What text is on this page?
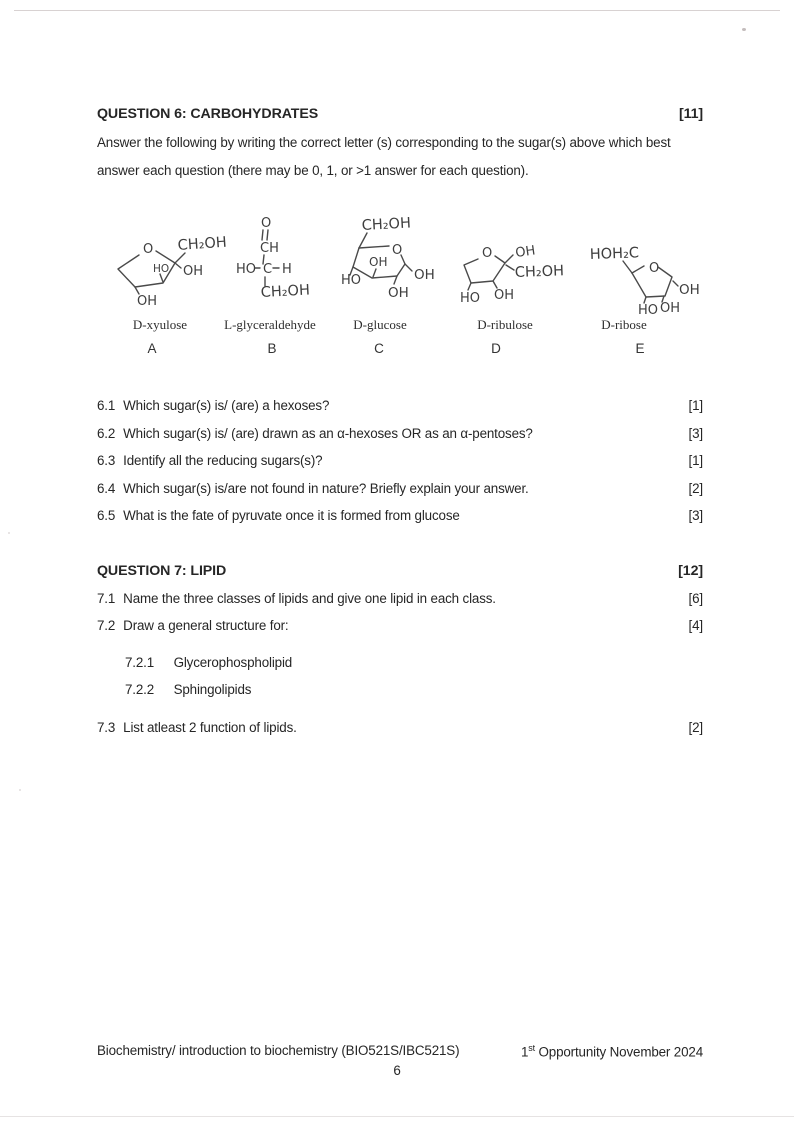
QUESTION 6: CARBOHYDRATES	[11]
Answer the following by writing the correct letter (s) corresponding to the sugar(s) above which best
answer each question (there may be 0, 1, or >1 answer for each question).
O CH₂OH
HO OH
OH
O
CH
HO C H
CH₂OH
CH₂OH
O
OH
OH
HO
OH
O OH
CH₂OH
HO OH
HOH₂C
O
OH
HO OH
D-xyulose	L-glyceraldehyde	D-glucose	D-ribulose	D-ribose
A	B	C	D	E
6.1 Which sugar(s) is/ (are) a hexoses?	[1]
6.2 Which sugar(s) is/ (are) drawn as an α-hexoses OR as an α-pentoses?	[3]
6.3 Identify all the reducing sugars(s)?	[1]
6.4 Which sugar(s) is/are not found in nature? Briefly explain your answer.	[2]
6.5 What is the fate of pyruvate once it is formed from glucose	[3]
QUESTION 7: LIPID	[12]
7.1 Name the three classes of lipids and give one lipid in each class.	[6]
7.2 Draw a general structure for:	[4]
7.2.1 Glycerophospholipid
7.2.2 Sphingolipids
7.3 List atleast 2 function of lipids.	[2]
Biochemistry/ introduction to biochemistry (BIO521S/IBC521S)	1st Opportunity November 2024
6
